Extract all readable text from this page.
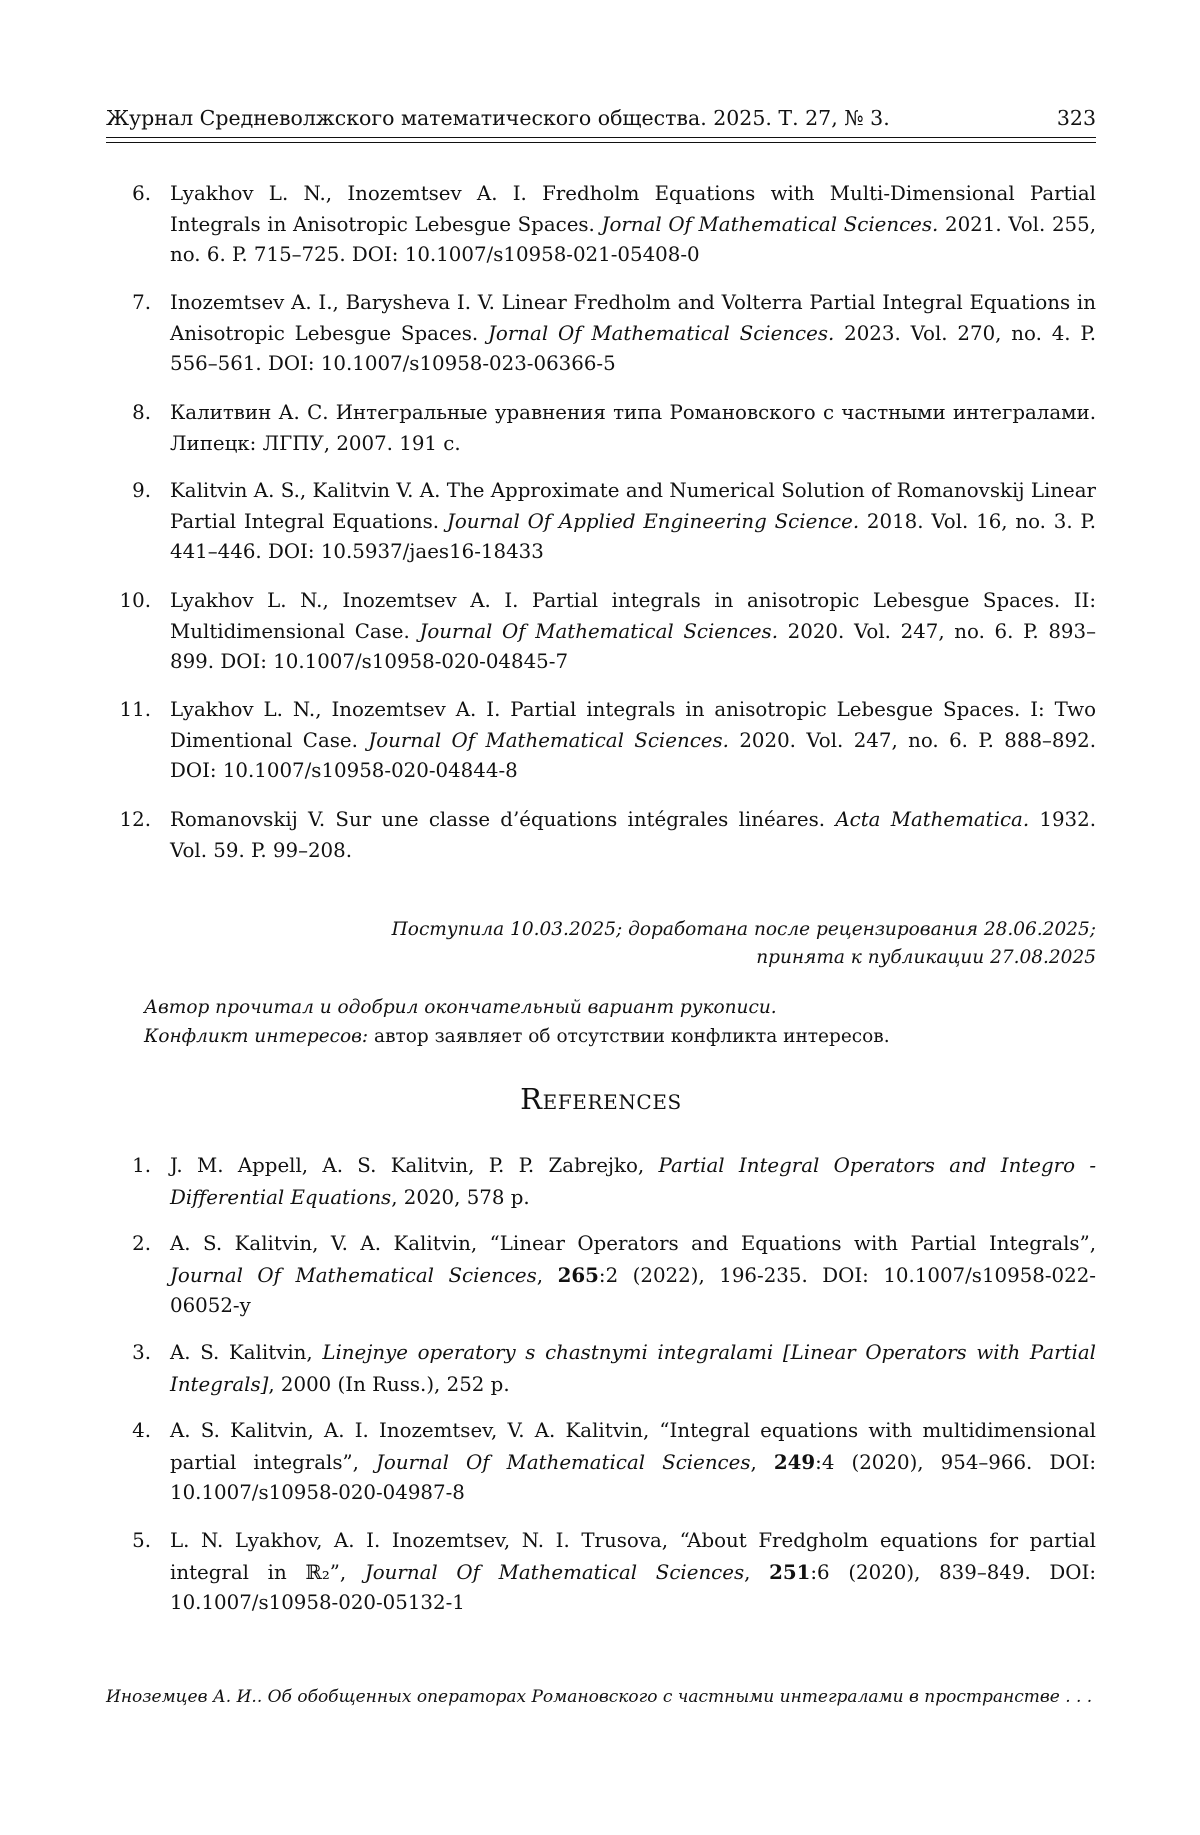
Журнал Средневолжского математического общества. 2025. Т. 27, № 3.	323
6. Lyakhov L. N., Inozemtsev A. I. Fredholm Equations with Multi-Dimensional Partial Integrals in Anisotropic Lebesgue Spaces. Jornal Of Mathematical Sciences. 2021. Vol. 255, no. 6. P. 715–725. DOI: 10.1007/s10958-021-05408-0
7. Inozemtsev A. I., Barysheva I. V. Linear Fredholm and Volterra Partial Integral Equations in Anisotropic Lebesgue Spaces. Jornal Of Mathematical Sciences. 2023. Vol. 270, no. 4. P. 556–561. DOI: 10.1007/s10958-023-06366-5
8. Калитвин А. С. Интегральные уравнения типа Романовского с частными интегралами. Липецк: ЛГПУ, 2007. 191 с.
9. Kalitvin A. S., Kalitvin V. A. The Approximate and Numerical Solution of Romanovskij Linear Partial Integral Equations. Journal Of Applied Engineering Science. 2018. Vol. 16, no. 3. P. 441–446. DOI: 10.5937/jaes16-18433
10. Lyakhov L. N., Inozemtsev A. I. Partial integrals in anisotropic Lebesgue Spaces. II: Multidimensional Case. Journal Of Mathematical Sciences. 2020. Vol. 247, no. 6. P. 893–899. DOI: 10.1007/s10958-020-04845-7
11. Lyakhov L. N., Inozemtsev A. I. Partial integrals in anisotropic Lebesgue Spaces. I: Two Dimentional Case. Journal Of Mathematical Sciences. 2020. Vol. 247, no. 6. P. 888–892. DOI: 10.1007/s10958-020-04844-8
12. Romanovskij V. Sur une classe d’équations intégrales linéares. Acta Mathematica. 1932. Vol. 59. P. 99–208.
Поступила 10.03.2025; доработана после рецензирования 28.06.2025;
принята к публикации 27.08.2025
Автор прочитал и одобрил окончательный вариант рукописи.
Конфликт интересов: автор заявляет об отсутствии конфликта интересов.
References
1. J. M. Appell, A. S. Kalitvin, P. P. Zabrejko, Partial Integral Operators and Integro - Differential Equations, 2020, 578 p.
2. A. S. Kalitvin, V. A. Kalitvin, “Linear Operators and Equations with Partial Integrals”, Journal Of Mathematical Sciences, 265:2 (2022), 196-235. DOI: 10.1007/s10958-022-06052-y
3. A. S. Kalitvin, Linejnye operatory s chastnymi integralami [Linear Operators with Partial Integrals], 2000 (In Russ.), 252 p.
4. A. S. Kalitvin, A. I. Inozemtsev, V. A. Kalitvin, “Integral equations with multidimensional partial integrals”, Journal Of Mathematical Sciences, 249:4 (2020), 954–966. DOI: 10.1007/s10958-020-04987-8
5. L. N. Lyakhov, A. I. Inozemtsev, N. I. Trusova, “About Fredgholm equations for partial integral in ℝ₂”, Journal Of Mathematical Sciences, 251:6 (2020), 839–849. DOI: 10.1007/s10958-020-05132-1
Иноземцев А. И.. Об обобщенных операторах Романовского с частными интегралами в пространстве . . .
